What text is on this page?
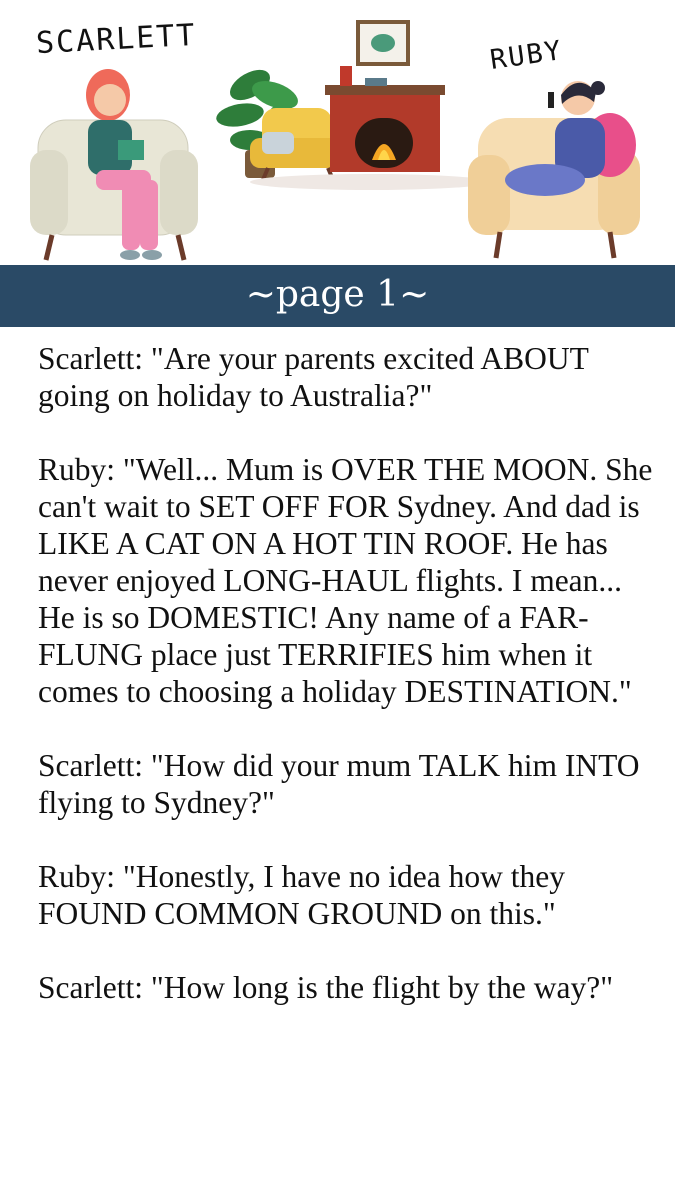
SCARLETT	RUBY
~page 1~

Scarlett: "Are your parents excited ABOUT going on holiday to Australia?"

Ruby: "Well... Mum is OVER THE MOON. She can't wait to SET OFF FOR Sydney. And dad is LIKE A CAT ON A HOT TIN ROOF. He has never enjoyed LONG-HAUL flights. I mean... He is so DOMESTIC! Any name of a FAR-FLUNG place just TERRIFIES him when it comes to choosing a holiday DESTINATION."

Scarlett: "How did your mum TALK him INTO flying to Sydney?"

Ruby: "Honestly, I have no idea how they FOUND COMMON GROUND on this."

Scarlett: "How long is the flight by the way?"
